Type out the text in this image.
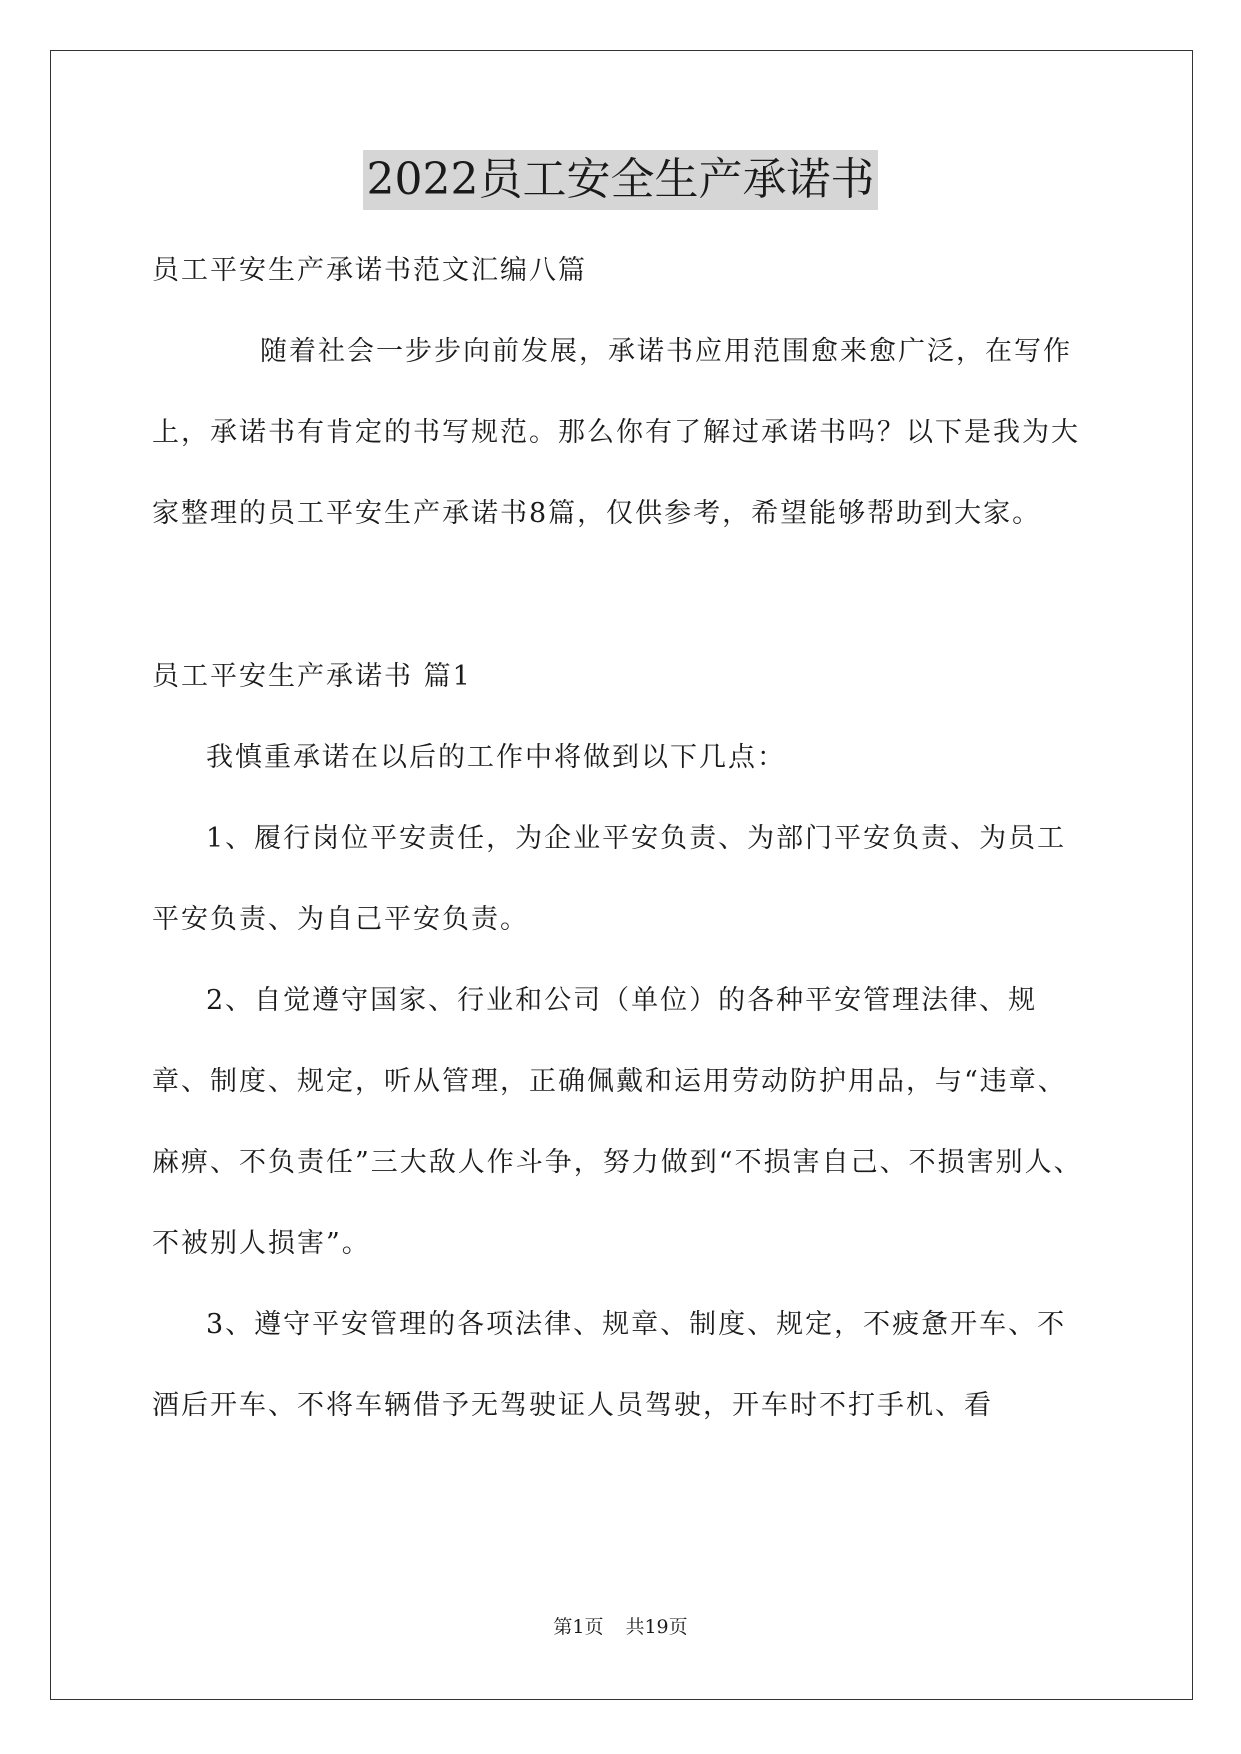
2022员工安全生产承诺书

员工平安生产承诺书范文汇编八篇

随着社会一步步向前发展，承诺书应用范围愈来愈广泛，在写作上，承诺书有肯定的书写规范。那么你有了解过承诺书吗？以下是我为大家整理的员工平安生产承诺书8篇，仅供参考，希望能够帮助到大家。

员工平安生产承诺书 篇1

我慎重承诺在以后的工作中将做到以下几点：

1、履行岗位平安责任，为企业平安负责、为部门平安负责、为员工平安负责、为自己平安负责。

2、自觉遵守国家、行业和公司（单位）的各种平安管理法律、规章、制度、规定，听从管理，正确佩戴和运用劳动防护用品，与“违章、麻痹、不负责任”三大敌人作斗争，努力做到“不损害自己、不损害别人、不被别人损害”。

3、遵守平安管理的各项法律、规章、制度、规定，不疲惫开车、不酒后开车、不将车辆借予无驾驶证人员驾驶，开车时不打手机、看

第1页 共19页
